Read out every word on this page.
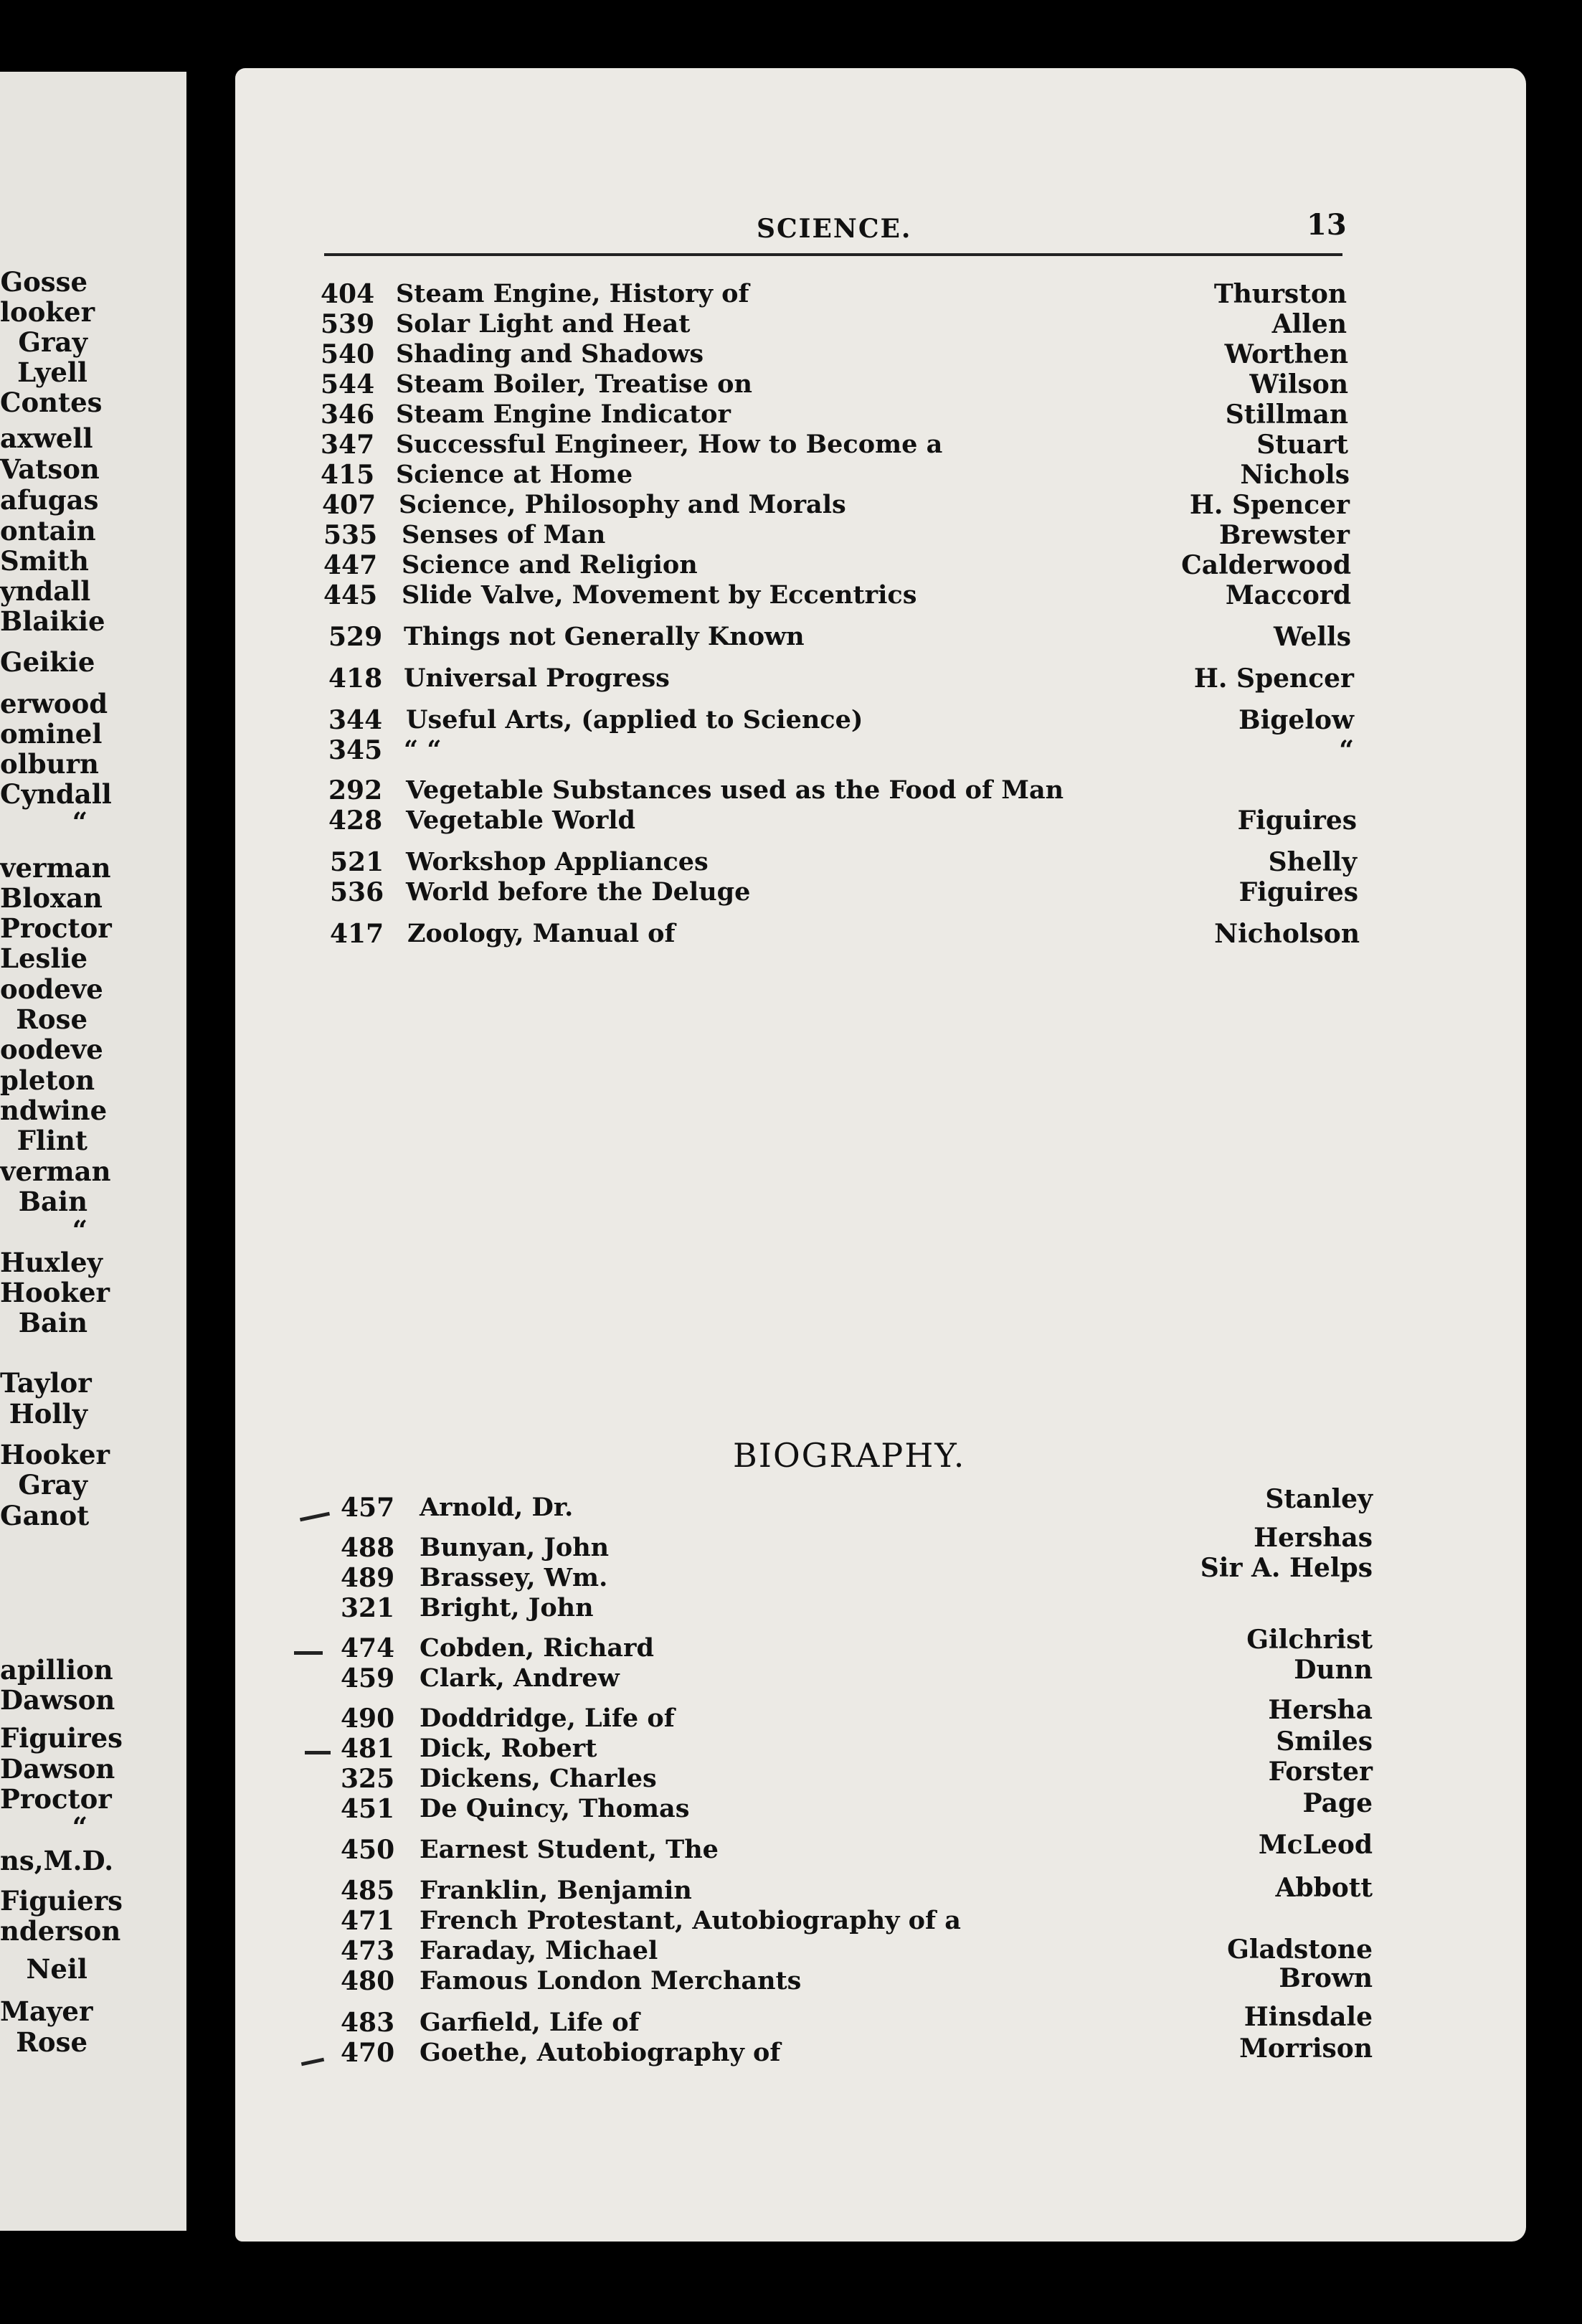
SCIENCE.	13
BIOGRAPHY.
Gosse
looker
Gray
Lyell
Contes
axwell
Vatson
afugas
ontain
Smith
yndall
Blaikie
Geikie
erwood
ominel
olburn
Cyndall
“
verman
Bloxan
Proctor
Leslie
oodeve
Rose
oodeve
pleton
ndwine
Flint
verman
Bain
“
Huxley
Hooker
Bain
Taylor
Holly
Hooker
Gray
Ganot
apillion
Dawson
Figuires
Dawson
Proctor
“
ns,M.D.
Figuiers
nderson
Neil
Mayer
Rose
404 Steam Engine, History of	Thurston
539 Solar Light and Heat	Allen
540 Shading and Shadows	Worthen
544 Steam Boiler, Treatise on	Wilson
346 Steam Engine Indicator	Stillman
347 Successful Engineer, How to Become a	Stuart
415 Science at Home	Nichols
407 Science, Philosophy and Morals	H. Spencer
535 Senses of Man	Brewster
447 Science and Religion	Calderwood
445 Slide Valve, Movement by Eccentrics	Maccord
529 Things not Generally Known	Wells
418 Universal Progress	H. Spencer
344 Useful Arts, (applied to Science)	Bigelow
345 “ “	“
292 Vegetable Substances used as the Food of Man
428 Vegetable World	Figuires
521 Workshop Appliances	Shelly
536 World before the Deluge	Figuires
417 Zoology, Manual of	Nicholson
457 Arnold, Dr.	Stanley
488 Bunyan, John	Hershas
489 Brassey, Wm.	Sir A. Helps
321 Bright, John
474 Cobden, Richard	Gilchrist
459 Clark, Andrew	Dunn
490 Doddridge, Life of	Hersha
481 Dick, Robert	Smiles
325 Dickens, Charles	Forster
451 De Quincy, Thomas	Page
450 Earnest Student, The	McLeod
485 Franklin, Benjamin	Abbott
471 French Protestant, Autobiography of a
473 Faraday, Michael	Gladstone
480 Famous London Merchants	Brown
483 Garfield, Life of	Hinsdale
470 Goethe, Autobiography of	Morrison
